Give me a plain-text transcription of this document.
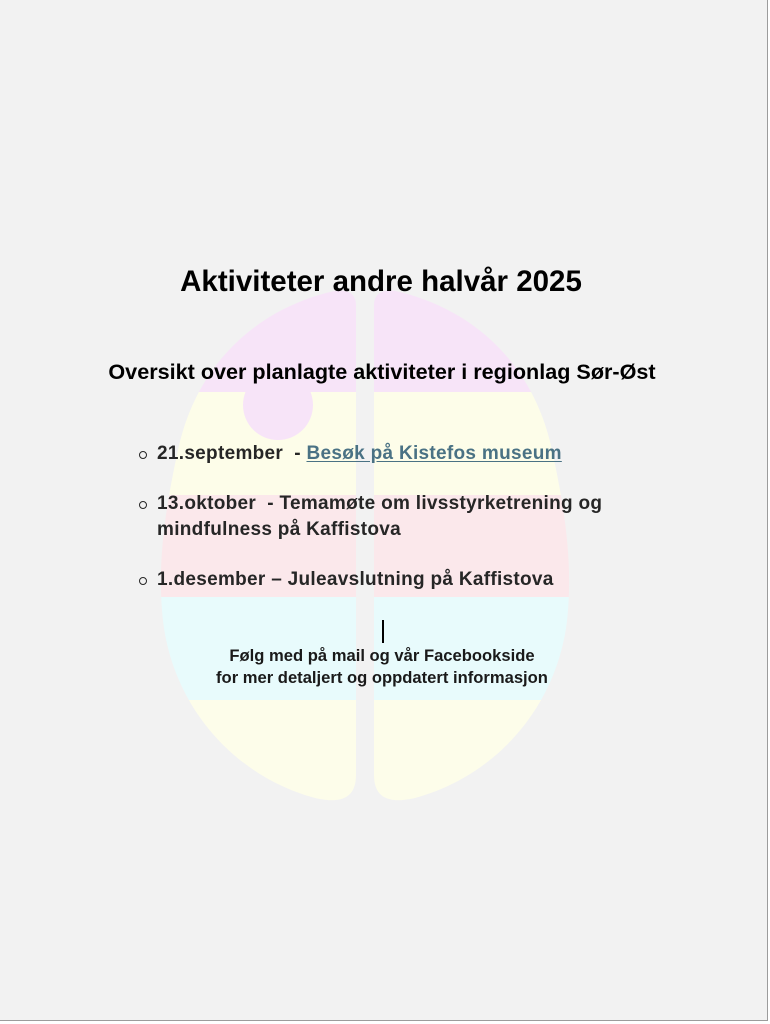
Aktiviteter andre halvår 2025
Oversikt over planlagte aktiviteter i regionlag Sør-Øst
21.september  - Besøk på Kistefos museum
13.oktober  - Temamøte om livsstyrketrening og mindfulness på Kaffistova
1.desember – Juleavslutning på Kaffistova
Følg med på mail og vår Facebookside
for mer detaljert og oppdatert informasjon
